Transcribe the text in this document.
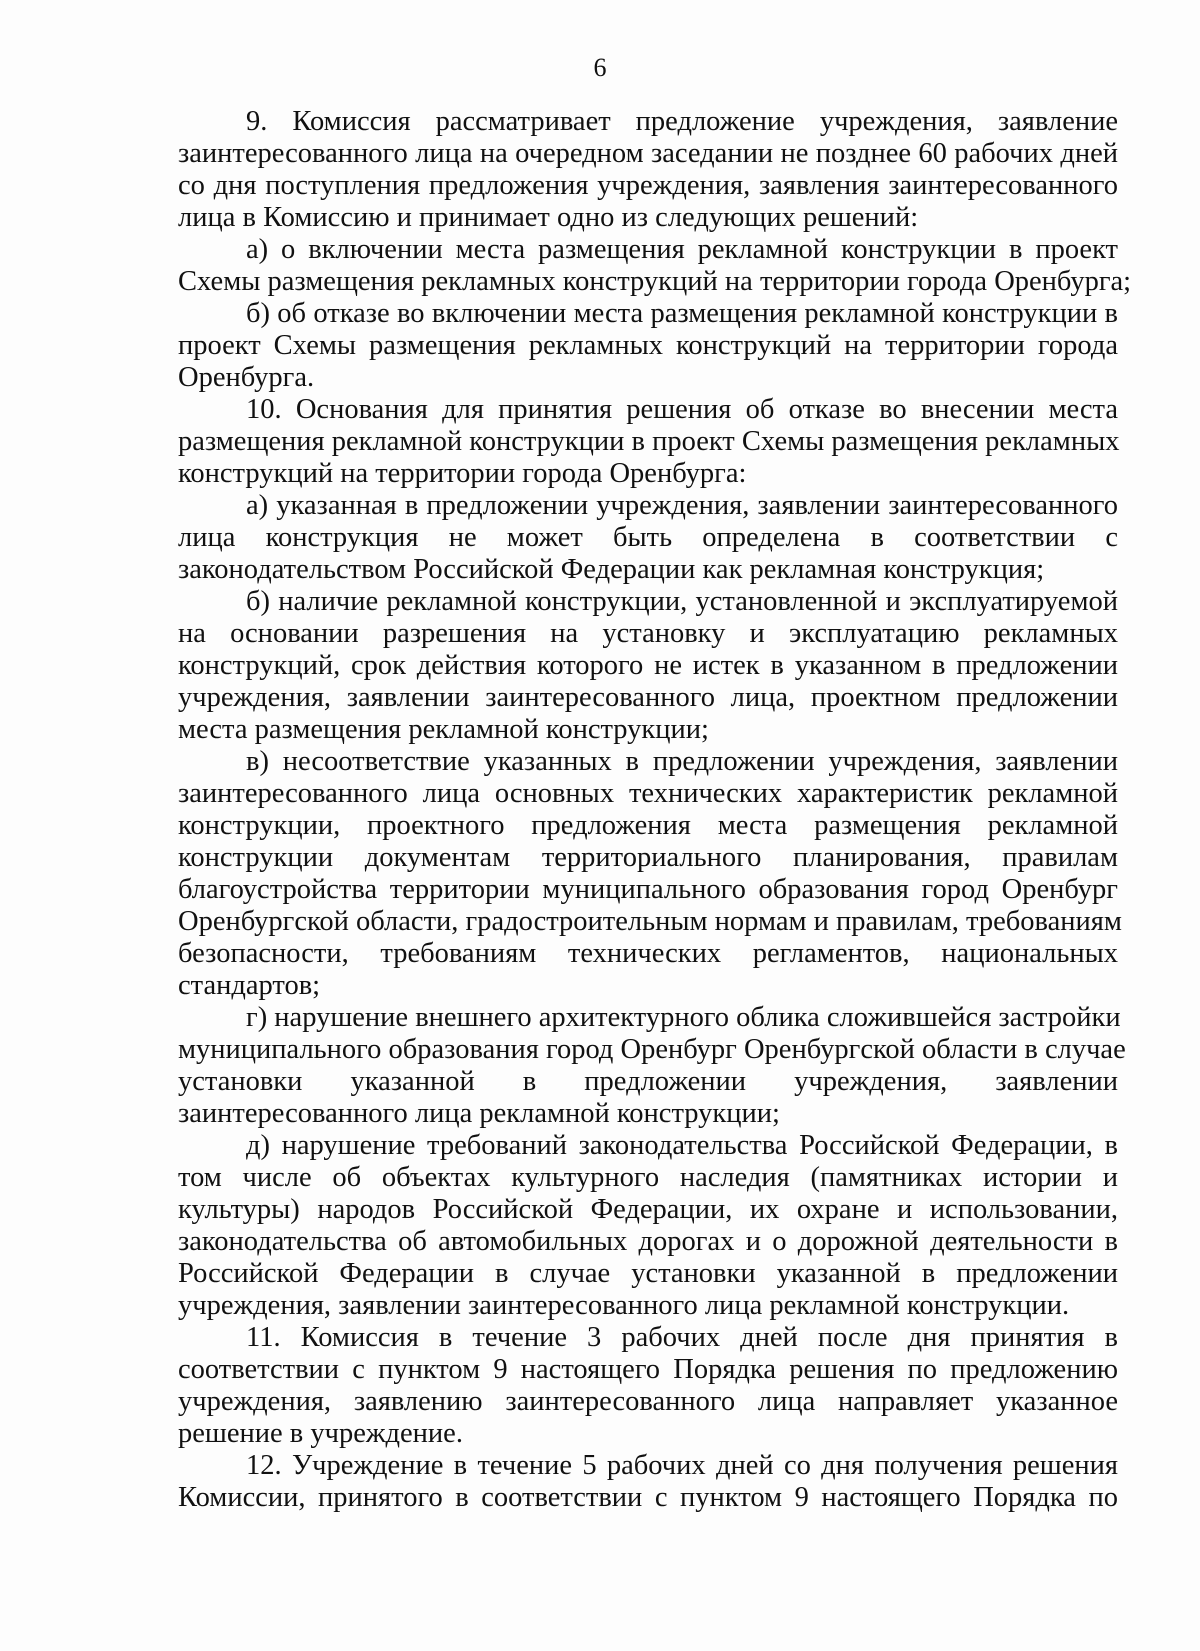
6
9. Комиссия рассматривает предложение учреждения, заявление
заинтересованного лица на очередном заседании не позднее 60 рабочих дней
со дня поступления предложения учреждения, заявления заинтересованного
лица в Комиссию и принимает одно из следующих решений:
а) о включении места размещения рекламной конструкции в проект
Схемы размещения рекламных конструкций на территории города Оренбурга;
б) об отказе во включении места размещения рекламной конструкции в
проект Схемы размещения рекламных конструкций на территории города
Оренбурга.
10. Основания для принятия решения об отказе во внесении места
размещения рекламной конструкции в проект Схемы размещения рекламных
конструкций на территории города Оренбурга:
а) указанная в предложении учреждения, заявлении заинтересованного
лица конструкция не может быть определена в соответствии с
законодательством Российской Федерации как рекламная конструкция;
б) наличие рекламной конструкции, установленной и эксплуатируемой
на основании разрешения на установку и эксплуатацию рекламных
конструкций, срок действия которого не истек в указанном в предложении
учреждения, заявлении заинтересованного лица, проектном предложении
места размещения рекламной конструкции;
в) несоответствие указанных в предложении учреждения, заявлении
заинтересованного лица основных технических характеристик рекламной
конструкции, проектного предложения места размещения рекламной
конструкции документам территориального планирования, правилам
благоустройства территории муниципального образования город Оренбург
Оренбургской области, градостроительным нормам и правилам, требованиям
безопасности, требованиям технических регламентов, национальных
стандартов;
г) нарушение внешнего архитектурного облика сложившейся застройки
муниципального образования город Оренбург Оренбургской области в случае
установки указанной в предложении учреждения, заявлении
заинтересованного лица рекламной конструкции;
д) нарушение требований законодательства Российской Федерации, в
том числе об объектах культурного наследия (памятниках истории и
культуры) народов Российской Федерации, их охране и использовании,
законодательства об автомобильных дорогах и о дорожной деятельности в
Российской Федерации в случае установки указанной в предложении
учреждения, заявлении заинтересованного лица рекламной конструкции.
11. Комиссия в течение 3 рабочих дней после дня принятия в
соответствии с пунктом 9 настоящего Порядка решения по предложению
учреждения, заявлению заинтересованного лица направляет указанное
решение в учреждение.
12. Учреждение в течение 5 рабочих дней со дня получения решения
Комиссии, принятого в соответствии с пунктом 9 настоящего Порядка по
